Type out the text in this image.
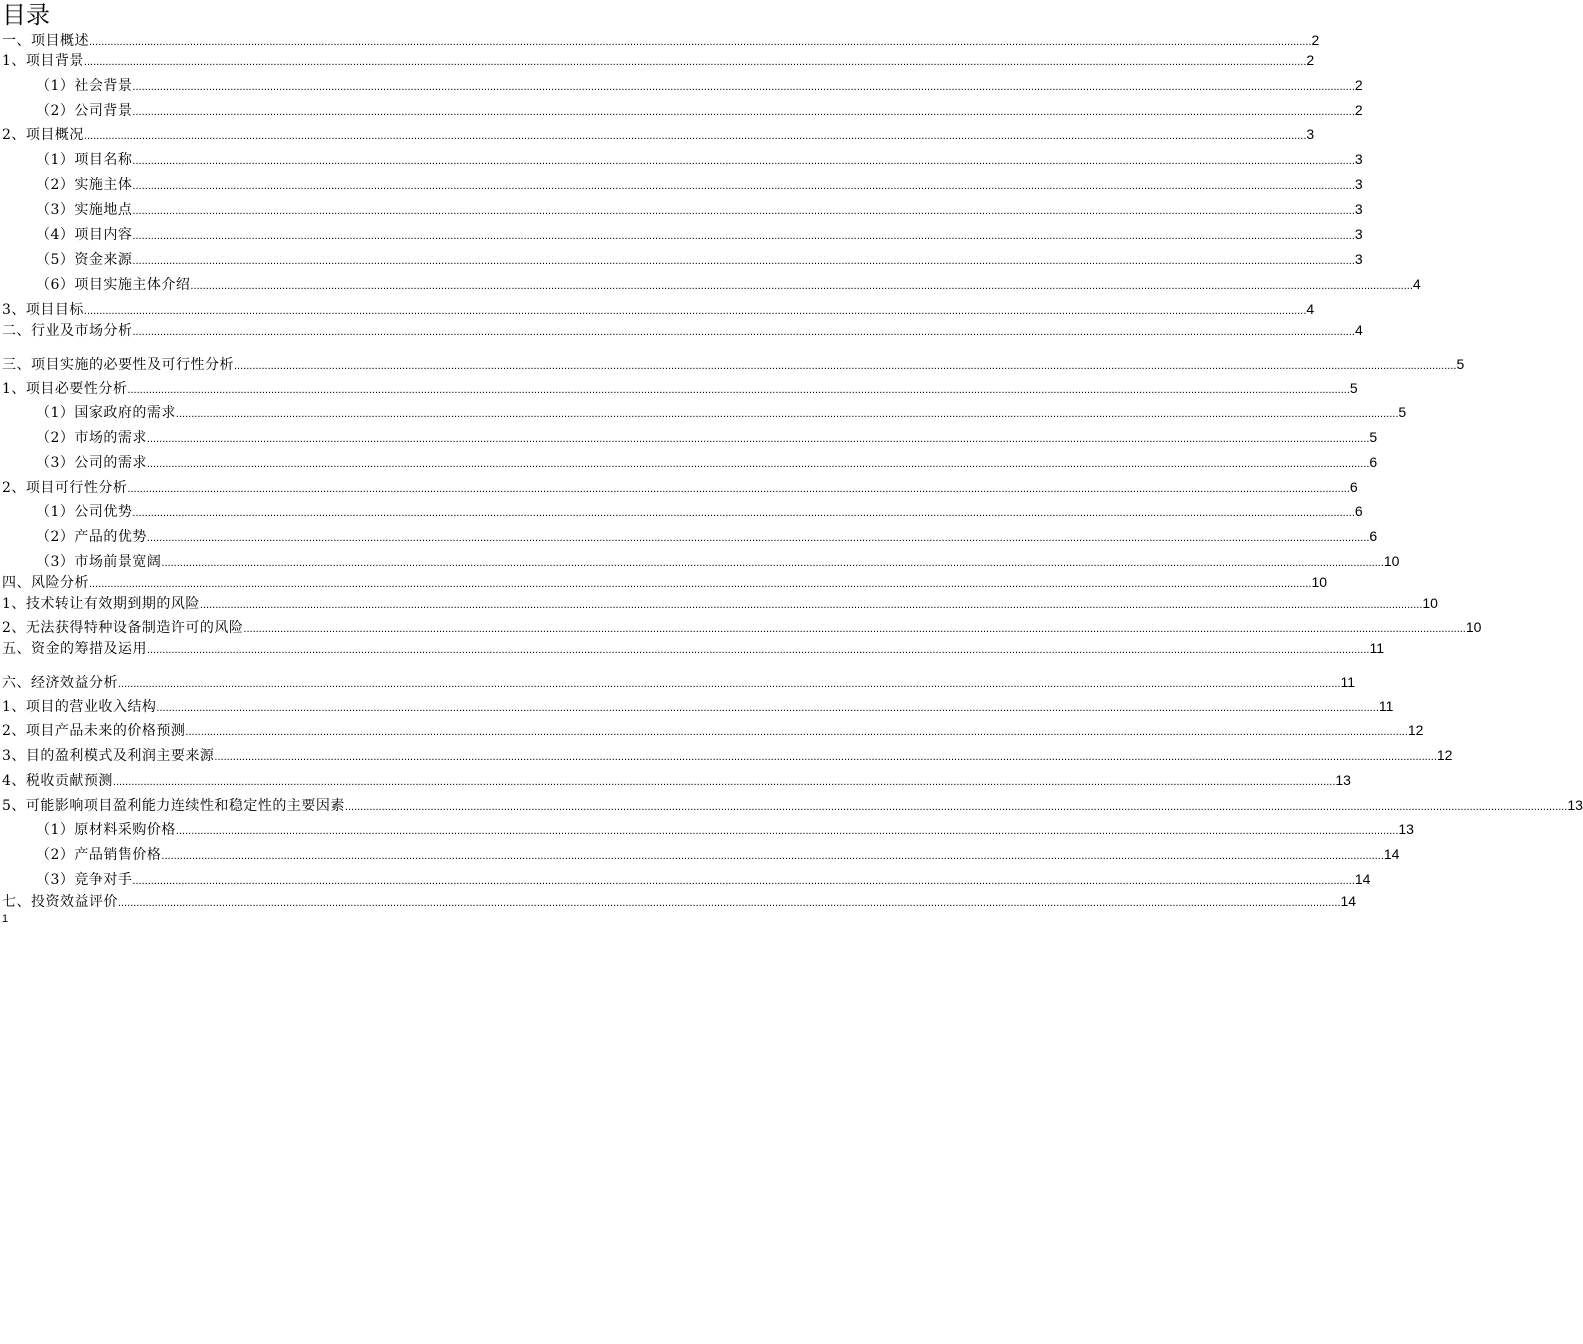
目录
一、项目概述 ................................................................................................................................................................................................................................................................................................................................................................................................................ 2
1、项目背景 ................................................................................................................................................................................................................................................................................................................................................................................................................ 2
（1）社会背景 ................................................................................................................................................................................................................................................................................................................................................................................................................ 2
（2）公司背景 ................................................................................................................................................................................................................................................................................................................................................................................................................ 2
2、项目概况 ................................................................................................................................................................................................................................................................................................................................................................................................................ 3
（1）项目名称 ................................................................................................................................................................................................................................................................................................................................................................................................................ 3
（2）实施主体 ................................................................................................................................................................................................................................................................................................................................................................................................................ 3
（3）实施地点 ................................................................................................................................................................................................................................................................................................................................................................................................................ 3
（4）项目内容 ................................................................................................................................................................................................................................................................................................................................................................................................................ 3
（5）资金来源 ................................................................................................................................................................................................................................................................................................................................................................................................................ 3
（6）项目实施主体介绍 ................................................................................................................................................................................................................................................................................................................................................................................................................ 4
3、项目目标 ................................................................................................................................................................................................................................................................................................................................................................................................................ 4
二、行业及市场分析 ................................................................................................................................................................................................................................................................................................................................................................................................................ 4
三、项目实施的必要性及可行性分析 ................................................................................................................................................................................................................................................................................................................................................................................................................ 5
1、项目必要性分析 ................................................................................................................................................................................................................................................................................................................................................................................................................ 5
（1）国家政府的需求 ................................................................................................................................................................................................................................................................................................................................................................................................................ 5
（2）市场的需求 ................................................................................................................................................................................................................................................................................................................................................................................................................ 5
（3）公司的需求 ................................................................................................................................................................................................................................................................................................................................................................................................................ 6
2、项目可行性分析 ................................................................................................................................................................................................................................................................................................................................................................................................................ 6
（1）公司优势 ................................................................................................................................................................................................................................................................................................................................................................................................................ 6
（2）产品的优势 ................................................................................................................................................................................................................................................................................................................................................................................................................ 6
（3）市场前景宽阔 ................................................................................................................................................................................................................................................................................................................................................................................................................ 10
四、风险分析 ................................................................................................................................................................................................................................................................................................................................................................................................................ 10
1、技术转让有效期到期的风险 ................................................................................................................................................................................................................................................................................................................................................................................................................ 10
2、无法获得特种设备制造许可的风险 ................................................................................................................................................................................................................................................................................................................................................................................................................ 10
五、资金的筹措及运用 ................................................................................................................................................................................................................................................................................................................................................................................................................ 11
六、经济效益分析 ................................................................................................................................................................................................................................................................................................................................................................................................................ 11
1、项目的营业收入结构 ................................................................................................................................................................................................................................................................................................................................................................................................................ 11
2、项目产品未来的价格预测 ................................................................................................................................................................................................................................................................................................................................................................................................................ 12
3、目的盈利模式及利润主要来源 ................................................................................................................................................................................................................................................................................................................................................................................................................ 12
4、税收贡献预测 ................................................................................................................................................................................................................................................................................................................................................................................................................ 13
5、可能影响项目盈利能力连续性和稳定性的主要因素 ................................................................................................................................................................................................................................................................................................................................................................................................................ 13
（1）原材料采购价格 ................................................................................................................................................................................................................................................................................................................................................................................................................ 13
（2）产品销售价格 ................................................................................................................................................................................................................................................................................................................................................................................................................ 14
（3）竞争对手 ................................................................................................................................................................................................................................................................................................................................................................................................................ 14
七、投资效益评价 ................................................................................................................................................................................................................................................................................................................................................................................................................ 14
1
